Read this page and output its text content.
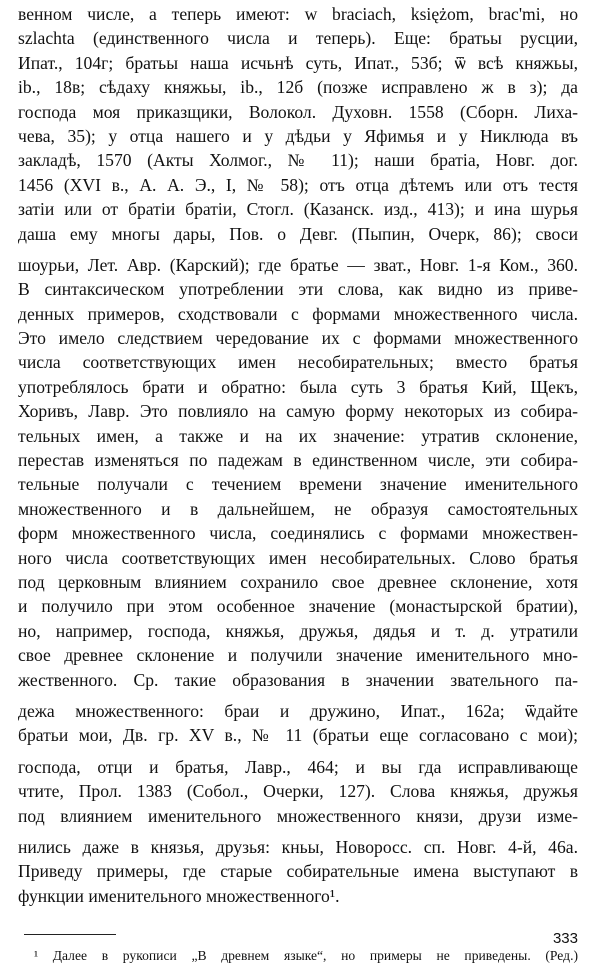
венном числе, а теперь имеют: w braciach, księżom, brac'mi, но
szlachta (единственного числа и теперь). Еще: братьы русции,
Ипат., 104г; братьы наша исчьнѣ суть, Ипат., 53б; ѿ всѣ княжьы,
ib., 18в; сѣдаху княжьы, ib., 12б (позже исправлено ж в з); да
господа моя приказщики, Волокол. Духовн. 1558 (Сборн. Лиха-
чева, 35); у отца нашего и у дѣдьи у Яфимья и у Никлюда въ
закладѣ, 1570 (Акты Холмог., № 11); наши братiа, Новг. дог.
1456 (XVI в., А. А. Э., I, № 58); отъ отца дѣтемъ или отъ тестя
затiи или от братiи братiи, Стогл. (Казанск. изд., 413); и ина шурья
даша ему многы дары, Пов. о Девг. (Пыпин, Очерк, 86); своси
шоурьи, Лет. Авр. (Карский); где братье — зват., Новг. 1-я Ком., 360.
В синтаксическом употреблении эти слова, как видно из приве-
денных примеров, сходствовали с формами множественного числа.
Это имело следствием чередование их с формами множественного
числа соответствующих имен несобирательных; вместо братья
употреблялось брати и обратно: была суть 3 братья Кий, Щекъ,
Хоривъ, Лавр. Это повлияло на самую форму некоторых из собира-
тельных имен, а также и на их значение: утратив склонение,
перестав изменяться по падежам в единственном числе, эти собира-
тельные получали с течением времени значение именительного
множественного и в дальнейшем, не образуя самостоятельных
форм множественного числа, соединялись с формами множествен-
ного числа соответствующих имен несобирательных. Слово братья
под церковным влиянием сохранило свое древнее склонение, хотя
и получило при этом особенное значение (монастырской братии),
но, например, господа, княжья, дружья, дядья и т. д. утратили
свое древнее склонение и получили значение именительного мно-
жественного. Ср. такие образования в значении звательного па-
дежа множественного: браи и дружино, Ипат., 162а; ѿдайте
братьи мои, Дв. гр. XV в., № 11 (братьи еще согласовано с мои);
господа, отци и братья, Лавр., 464; и вы гда исправливающе
чтите, Прол. 1383 (Собол., Очерки, 127). Слова княжья, дружья
под влиянием именительного множественного князи, друзи изме-
нились даже в князья, друзья: кньы, Новоросс. сп. Новг. 4-й, 46а.
Приведу примеры, где старые собирательные имена выступают в
функции именительного множественного¹.
¹ Далее в рукописи „В древнем языке“, но примеры не приведены. (Ред.)
333
